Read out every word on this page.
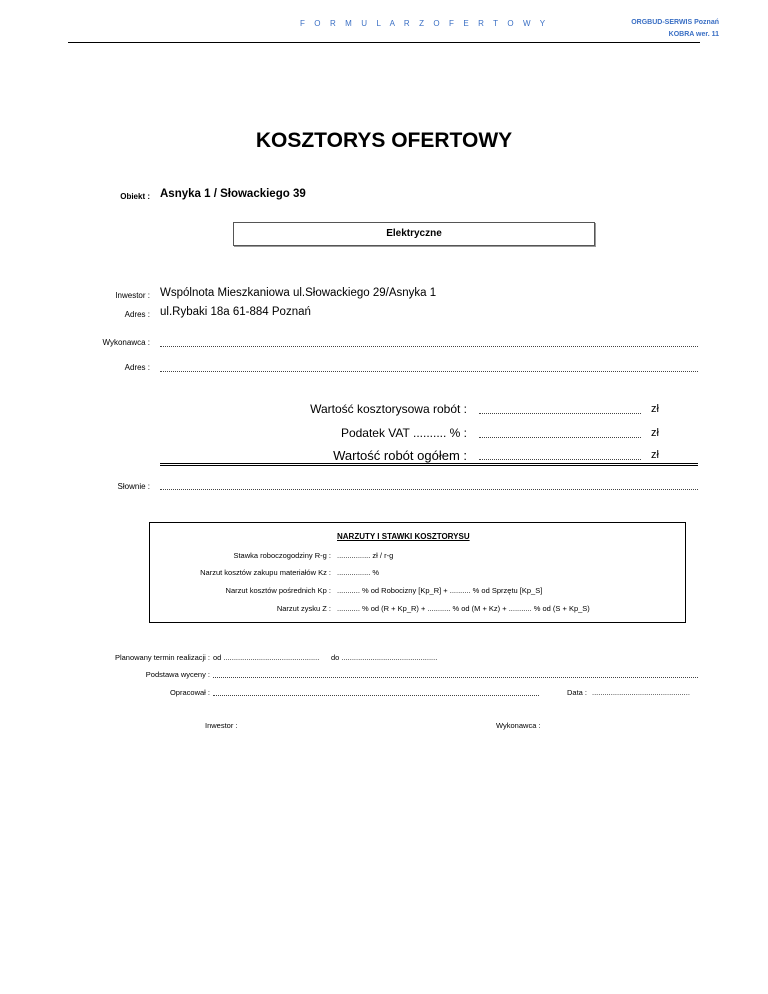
F O R M U L A R Z O F E R T O W Y	ORGBUD-SERWIS Poznań
KOBRA wer. 11
KOSZTORYS OFERTOWY
Obiekt : Asnyka 1 / Słowackiego 39
Elektryczne
Inwestor : Wspólnota Mieszkaniowa ul.Słowackiego 29/Asnyka 1
Adres : ul.Rybaki 18a 61-884 Poznań
Wykonawca :
Adres :
Wartość kosztorysowa robót :	zł
Podatek VAT .......... % :	zł
Wartość robót ogółem :	zł
Słownie :
NARZUTY I STAWKI KOSZTORYSU
Stawka roboczogodziny R-g : ................ zł / r-g
Narzut kosztów zakupu materiałów Kz : ................ %
Narzut kosztów pośrednich Kp : ........... % od Robocizny [Kp_R] + .......... % od Sprzętu [Kp_S]
Narzut zysku Z : ........... % od (R + Kp_R) + ........... % od (M + Kz) + ........... % od (S + Kp_S)
Planowany termin realizacji : od .............................................. do ..............................................
Podstawa wyceny :
Opracował :	Data : ...............................................
Inwestor :	Wykonawca :
